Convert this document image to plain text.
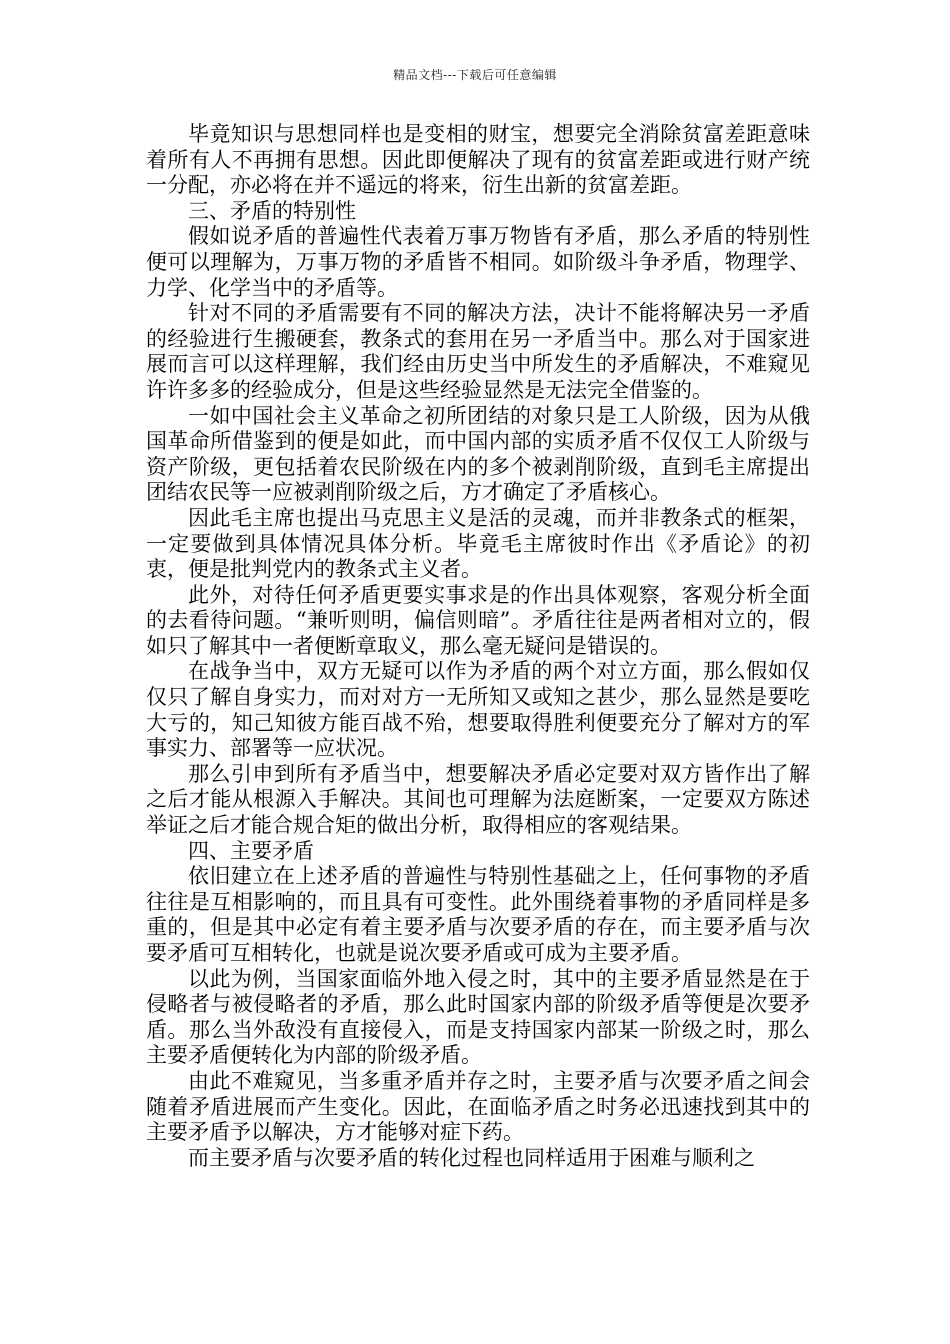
精品文档---下载后可任意编辑

毕竟知识与思想同样也是变相的财宝，想要完全消除贫富差距意味着所有人不再拥有思想。因此即便解决了现有的贫富差距或进行财产统一分配，亦必将在并不遥远的将来，衍生出新的贫富差距。

三、矛盾的特别性

假如说矛盾的普遍性代表着万事万物皆有矛盾，那么矛盾的特别性便可以理解为，万事万物的矛盾皆不相同。如阶级斗争矛盾，物理学、力学、化学当中的矛盾等。

针对不同的矛盾需要有不同的解决方法，决计不能将解决另一矛盾的经验进行生搬硬套，教条式的套用在另一矛盾当中。那么对于国家进展而言可以这样理解，我们经由历史当中所发生的矛盾解决，不难窥见许许多多的经验成分，但是这些经验显然是无法完全借鉴的。

一如中国社会主义革命之初所团结的对象只是工人阶级，因为从俄国革命所借鉴到的便是如此，而中国内部的实质矛盾不仅仅工人阶级与资产阶级，更包括着农民阶级在内的多个被剥削阶级，直到毛主席提出团结农民等一应被剥削阶级之后，方才确定了矛盾核心。

因此毛主席也提出马克思主义是活的灵魂，而并非教条式的框架，一定要做到具体情况具体分析。毕竟毛主席彼时作出《矛盾论》的初衷，便是批判党内的教条式主义者。

此外，对待任何矛盾更要实事求是的作出具体观察，客观分析全面的去看待问题。“兼听则明，偏信则暗”。矛盾往往是两者相对立的，假如只了解其中一者便断章取义，那么毫无疑问是错误的。

在战争当中，双方无疑可以作为矛盾的两个对立方面，那么假如仅仅只了解自身实力，而对对方一无所知又或知之甚少，那么显然是要吃大亏的，知己知彼方能百战不殆，想要取得胜利便要充分了解对方的军事实力、部署等一应状况。

那么引申到所有矛盾当中，想要解决矛盾必定要对双方皆作出了解之后才能从根源入手解决。其间也可理解为法庭断案，一定要双方陈述举证之后才能合规合矩的做出分析，取得相应的客观结果。

四、主要矛盾

依旧建立在上述矛盾的普遍性与特别性基础之上，任何事物的矛盾往往是互相影响的，而且具有可变性。此外围绕着事物的矛盾同样是多重的，但是其中必定有着主要矛盾与次要矛盾的存在，而主要矛盾与次要矛盾可互相转化，也就是说次要矛盾或可成为主要矛盾。

以此为例，当国家面临外地入侵之时，其中的主要矛盾显然是在于侵略者与被侵略者的矛盾，那么此时国家内部的阶级矛盾等便是次要矛盾。那么当外敌没有直接侵入，而是支持国家内部某一阶级之时，那么主要矛盾便转化为内部的阶级矛盾。

由此不难窥见，当多重矛盾并存之时，主要矛盾与次要矛盾之间会随着矛盾进展而产生变化。因此，在面临矛盾之时务必迅速找到其中的主要矛盾予以解决，方才能够对症下药。

而主要矛盾与次要矛盾的转化过程也同样适用于困难与顺利之
